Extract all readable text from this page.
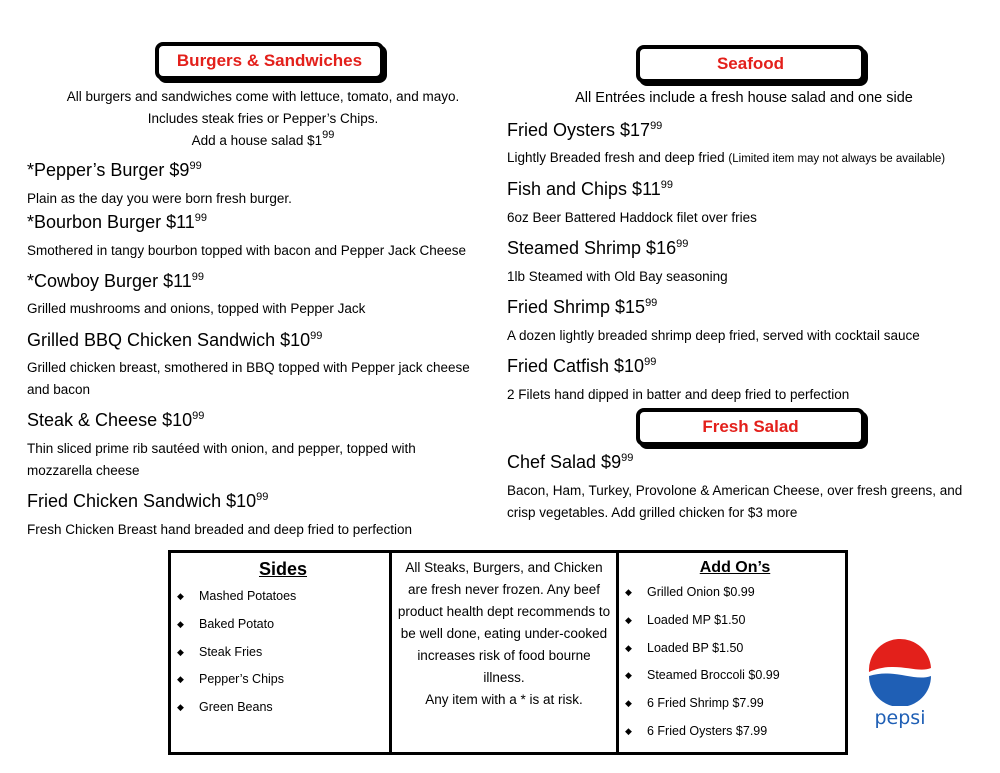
Burgers & Sandwiches	Seafood
Fresh Salad
All burgers and sandwiches come with lettuce, tomato, and mayo.
Includes steak fries or Pepper’s Chips.
Add a house salad $\$1^{99}$
*Pepper’s Burger $\$9^{99}$
Plain as the day you were born fresh burger.
*Bourbon Burger $\$11^{99}$
Smothered in tangy bourbon topped with bacon and Pepper Jack Cheese
*Cowboy Burger $\$11^{99}$
Grilled mushrooms and onions, topped with Pepper Jack
Grilled BBQ Chicken Sandwich $\$10^{99}$
Grilled chicken breast, smothered in BBQ topped with Pepper jack cheese and bacon
Steak & Cheese $\$10^{99}$
Thin sliced prime rib sautéed with onion, and pepper, topped with mozzarella cheese
Fried Chicken Sandwich $\$10^{99}$
Fresh Chicken Breast hand breaded and deep fried to perfection
All Entrées include a fresh house salad and one side
Fried Oysters $\$17^{99}$
Lightly Breaded fresh and deep fried (Limited item may not always be available)
Fish and Chips $\$11^{99}$
6oz Beer Battered Haddock filet over fries
Steamed Shrimp $\$16^{99}$
1lb Steamed with Old Bay seasoning
Fried Shrimp $\$15^{99}$
A dozen lightly breaded shrimp deep fried, served with cocktail sauce
Fried Catfish $\$10^{99}$
2 Filets hand dipped in batter and deep fried to perfection
Chef Salad $\$9^{99}$
Bacon, Ham, Turkey, Provolone & American Cheese, over fresh greens, and crisp vegetables. Add grilled chicken for $3 more
Sides
◆	Mashed Potatoes
◆	Baked Potato
◆	Steak Fries
◆	Pepper’s Chips
◆	Green Beans
All Steaks, Burgers, and Chicken are fresh never frozen. Any beef product health dept recommends to be well done, eating under-cooked increases risk of food bourne illness.
Any item with a * is at risk.
Add On’s
◆	Grilled Onion $0.99
◆	Loaded MP $1.50
◆	Loaded BP $1.50
◆	Steamed Broccoli $0.99
◆	6 Fried Shrimp $7.99
◆	6 Fried Oysters $7.99
pepsi
